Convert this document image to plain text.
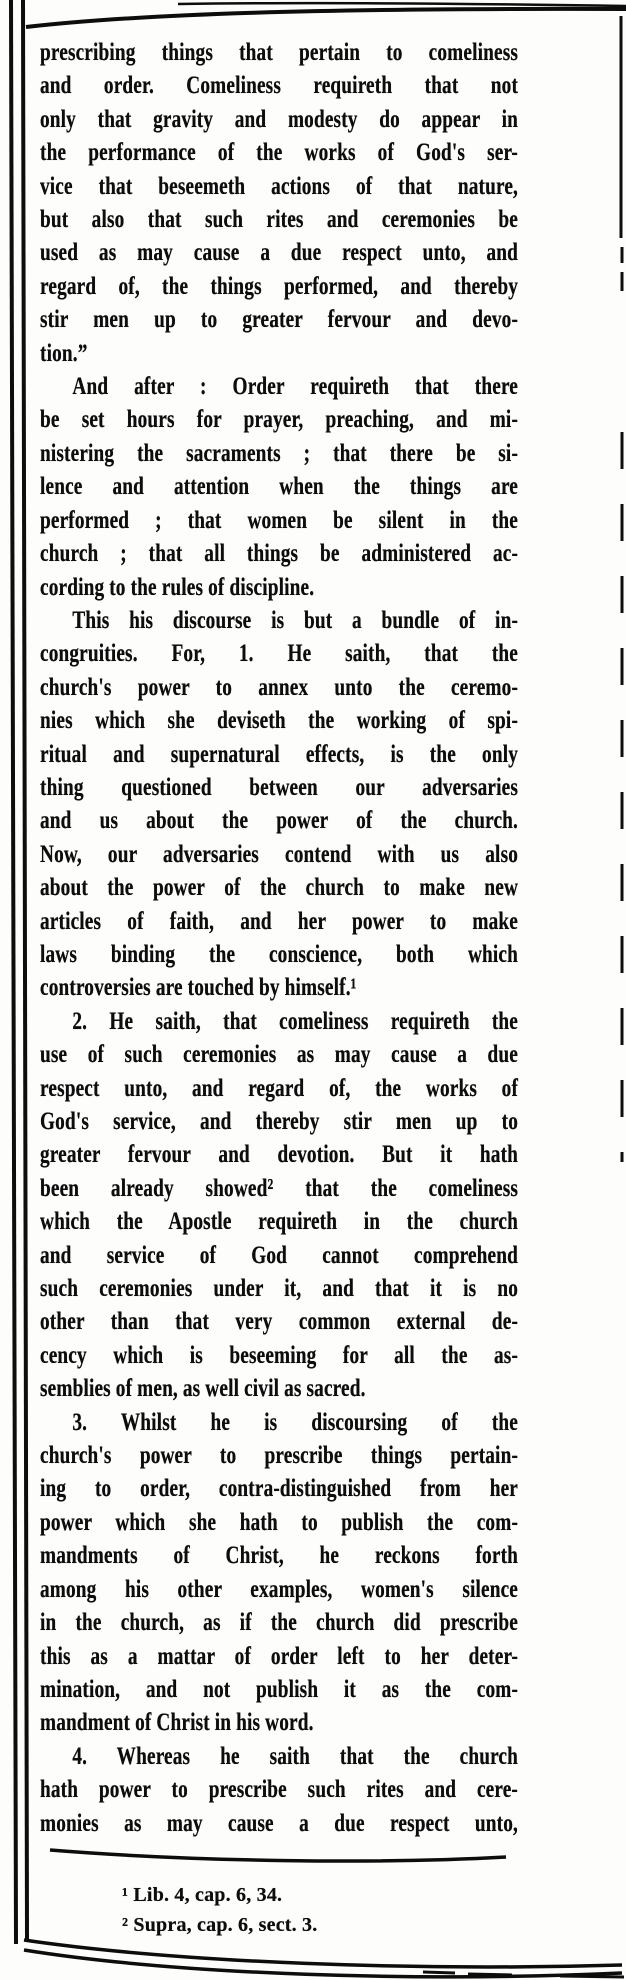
prescribing things that pertain to comeliness
and order. Comeliness requireth that not
only that gravity and modesty do appear in
the performance of the works of God's ser-
vice that beseemeth actions of that nature,
but also that such rites and ceremonies be
used as may cause a due respect unto, and
regard of, the things performed, and thereby
stir men up to greater fervour and devo-
tion.”
And after : Order requireth that there
be set hours for prayer, preaching, and mi-
nistering the sacraments ; that there be si-
lence and attention when the things are
performed ; that women be silent in the
church ; that all things be administered ac-
cording to the rules of discipline.
This his discourse is but a bundle of in-
congruities. For, 1. He saith, that the
church's power to annex unto the ceremo-
nies which she deviseth the working of spi-
ritual and supernatural effects, is the only
thing questioned between our adversaries
and us about the power of the church.
Now, our adversaries contend with us also
about the power of the church to make new
articles of faith, and her power to make
laws binding the conscience, both which
controversies are touched by himself.¹
2. He saith, that comeliness requireth the
use of such ceremonies as may cause a due
respect unto, and regard of, the works of
God's service, and thereby stir men up to
greater fervour and devotion. But it hath
been already showed² that the comeliness
which the Apostle requireth in the church
and service of God cannot comprehend
such ceremonies under it, and that it is no
other than that very common external de-
cency which is beseeming for all the as-
semblies of men, as well civil as sacred.
3. Whilst he is discoursing of the
church's power to prescribe things pertain-
ing to order, contra-distinguished from her
power which she hath to publish the com-
mandments of Christ, he reckons forth
among his other examples, women's silence
in the church, as if the church did prescribe
this as a mattar of order left to her deter-
mination, and not publish it as the com-
mandment of Christ in his word.
4. Whereas he saith that the church
hath power to prescribe such rites and cere-
monies as may cause a due respect unto,
¹ Lib. 4, cap. 6, 34.
² Supra, cap. 6, sect. 3.
